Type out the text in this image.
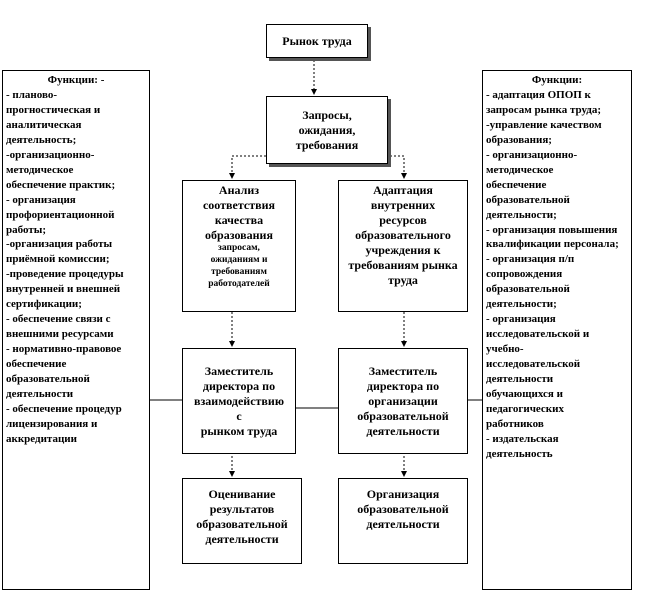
Рынок труда
Запросы,
ожидания,
требования
Анализ
соответствия
качества
образования
запросам,
ожиданиям и
требованиям
работодателей
Адаптация
внутренних
ресурсов
образовательного
учреждения к
требованиям рынка
труда
Заместитель
директора по
взаимодействию
с
рынком труда
Заместитель
директора по
организации
образовательной
деятельности
Оценивание
результатов
образовательной
деятельности
Организация
образовательной
деятельности
Функции: -
- планово-
прогностическая и
аналитическая
деятельность;
-организационно-
методическое
обеспечение практик;
- организация
профориентационной
работы;
-организация работы
приёмной комиссии;
-проведение процедуры
внутренней и внешней
сертификации;
- обеспечение связи с
внешними ресурсами
- нормативно-правовое
обеспечение
образовательной
деятельности
- обеспечение процедур
лицензирования и
аккредитации
Функции:
- адаптация ОПОП к
запросам рынка труда;
-управление качеством
образования;
- организационно-
методическое
обеспечение
образовательной
деятельности;
- организация повышения
квалификации персонала;
- организация п/п
сопровождения
образовательной
деятельности;
- организация
исследовательской и
учебно-
исследовательской
деятельности
обучающихся и
педагогических
работников
- издательская
деятельность
